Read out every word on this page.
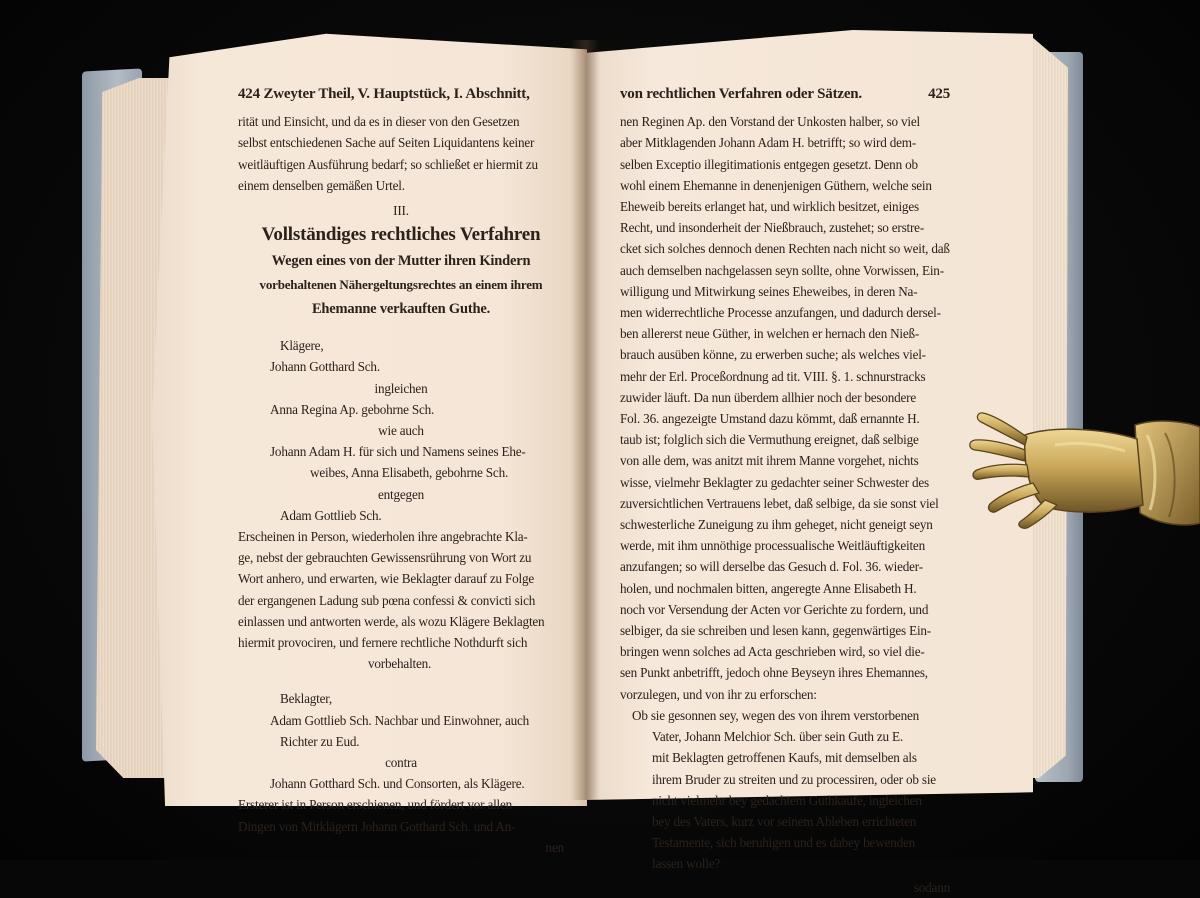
424 Zweyter Theil, V. Hauptstück, I. Abschnitt,
rität und Einsicht, und da es in dieser von den Gesetzen
selbst entschiedenen Sache auf Seiten Liquidantens keiner
weitläuftigen Ausführung bedarf; so schließet er hiermit zu
einem denselben gemäßen Urtel.
III.
Vollständiges rechtliches Verfahren
Wegen eines von der Mutter ihren Kindern
vorbehaltenen Nähergeltungsrechtes an einem ihrem
Ehemanne verkauften Guthe.
Klägere,
Johann Gotthard Sch.
ingleichen
Anna Regina Ap. gebohrne Sch.
wie auch
Johann Adam H. für sich und Namens seines Ehe-
weibes, Anna Elisabeth, gebohrne Sch.
entgegen
Adam Gottlieb Sch.
Erscheinen in Person, wiederholen ihre angebrachte Kla-
ge, nebst der gebrauchten Gewissensrührung von Wort zu
Wort anhero, und erwarten, wie Beklagter darauf zu Folge
der ergangenen Ladung sub pœna confessi & convicti sich
einlassen und antworten werde, als wozu Klägere Beklagten
hiermit provociren, und fernere rechtliche Nothdurft sich
vorbehalten.
Beklagter,
Adam Gottlieb Sch. Nachbar und Einwohner, auch
Richter zu Eud.
contra
Johann Gotthard Sch. und Consorten, als Klägere.
Ersterer ist in Person erschienen, und fördert vor allen
Dingen von Mitklägern Johann Gotthard Sch. und An-
nen
von rechtlichen Verfahren oder Sätzen.	425
nen Reginen Ap. den Vorstand der Unkosten halber, so viel
aber Mitklagenden Johann Adam H. betrifft; so wird dem-
selben Exceptio illegitimationis entgegen gesetzt. Denn ob
wohl einem Ehemanne in denenjenigen Güthern, welche sein
Eheweib bereits erlanget hat, und wirklich besitzet, einiges
Recht, und insonderheit der Nießbrauch, zustehet; so erstre-
cket sich solches dennoch denen Rechten nach nicht so weit, daß
auch demselben nachgelassen seyn sollte, ohne Vorwissen, Ein-
willigung und Mitwirkung seines Eheweibes, in deren Na-
men widerrechtliche Processe anzufangen, und dadurch dersel-
ben allererst neue Güther, in welchen er hernach den Nieß-
brauch ausüben könne, zu erwerben suche; als welches viel-
mehr der Erl. Proceßordnung ad tit. VIII. §. 1. schnurstracks
zuwider läuft. Da nun überdem allhier noch der besondere
Fol. 36. angezeigte Umstand dazu kömmt, daß ernannte H.
taub ist; folglich sich die Vermuthung ereignet, daß selbige
von alle dem, was anitzt mit ihrem Manne vorgehet, nichts
wisse, vielmehr Beklagter zu gedachter seiner Schwester des
zuversichtlichen Vertrauens lebet, daß selbige, da sie sonst viel
schwesterliche Zuneigung zu ihm geheget, nicht geneigt seyn
werde, mit ihm unnöthige processualische Weitläuftigkeiten
anzufangen; so will derselbe das Gesuch d. Fol. 36. wieder-
holen, und nochmalen bitten, angeregte Anne Elisabeth H.
noch vor Versendung der Acten vor Gerichte zu fordern, und
selbiger, da sie schreiben und lesen kann, gegenwärtiges Ein-
bringen wenn solches ad Acta geschrieben wird, so viel die-
sen Punkt anbetrifft, jedoch ohne Beyseyn ihres Ehemannes,
vorzulegen, und von ihr zu erforschen:
Ob sie gesonnen sey, wegen des von ihrem verstorbenen
Vater, Johann Melchior Sch. über sein Guth zu E.
mit Beklagten getroffenen Kaufs, mit demselben als
ihrem Bruder zu streiten und zu processiren, oder ob sie
nicht vielmehr bey gedachtem Guthkaufe, ingleichen
bey des Vaters, kurz vor seinem Ableben errichteten
Testamente, sich beruhigen und es dabey bewenden
lassen wolle?
sodann
